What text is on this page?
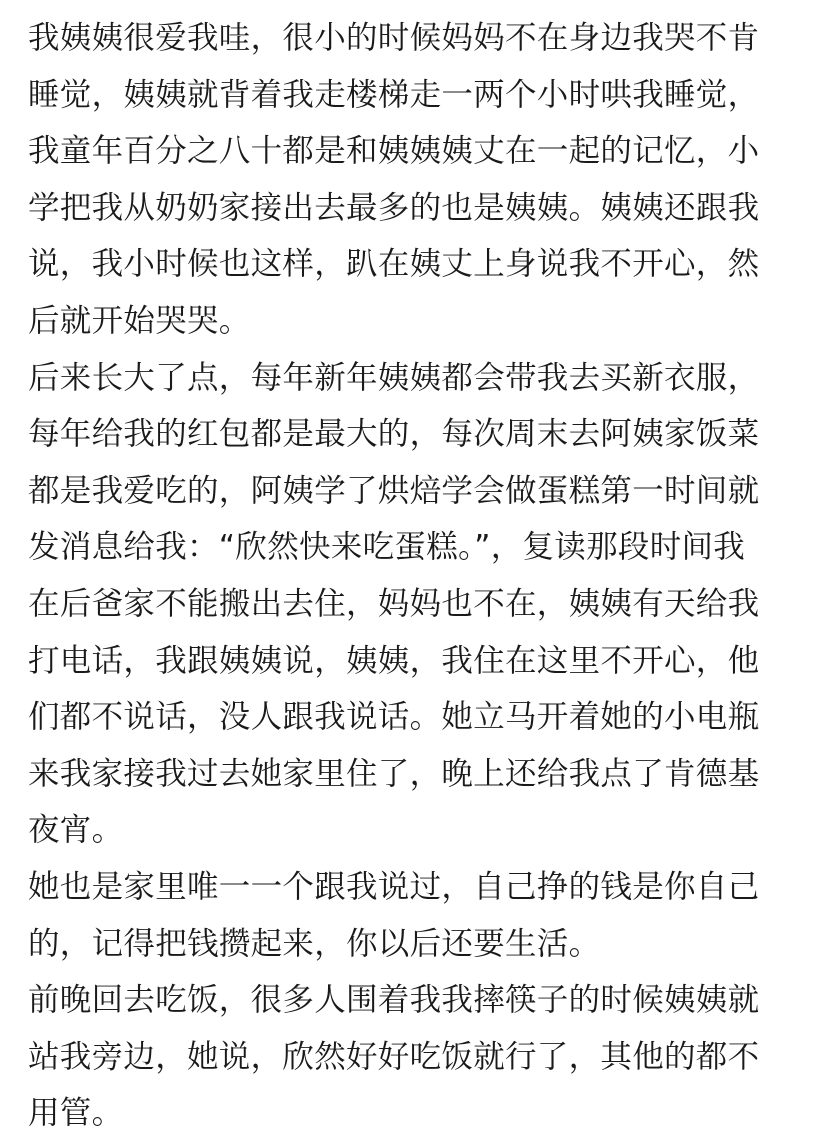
我姨姨很爱我哇，很小的时候妈妈不在身边我哭不肯
睡觉，姨姨就背着我走楼梯走一两个小时哄我睡觉，
我童年百分之八十都是和姨姨姨丈在一起的记忆，小
学把我从奶奶家接出去最多的也是姨姨。姨姨还跟我
说，我小时候也这样，趴在姨丈上身说我不开心，然
后就开始哭哭。
后来长大了点，每年新年姨姨都会带我去买新衣服，
每年给我的红包都是最大的，每次周末去阿姨家饭菜
都是我爱吃的，阿姨学了烘焙学会做蛋糕第一时间就
发消息给我：“欣然快来吃蛋糕。”，复读那段时间我
在后爸家不能搬出去住，妈妈也不在，姨姨有天给我
打电话，我跟姨姨说，姨姨，我住在这里不开心，他
们都不说话，没人跟我说话。她立马开着她的小电瓶
来我家接我过去她家里住了，晚上还给我点了肯德基
夜宵。
她也是家里唯一一个跟我说过，自己挣的钱是你自己
的，记得把钱攒起来，你以后还要生活。
前晚回去吃饭，很多人围着我我摔筷子的时候姨姨就
站我旁边，她说，欣然好好吃饭就行了，其他的都不
用管。
